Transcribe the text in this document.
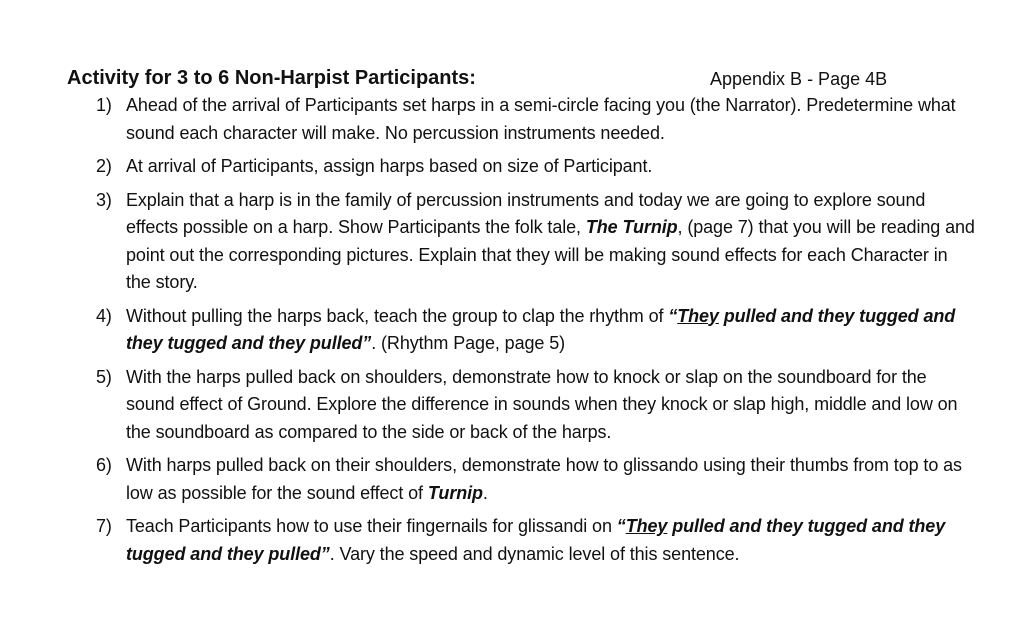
Activity for 3 to 6 Non-Harpist Participants:	Appendix B - Page 4B
1) Ahead of the arrival of Participants set harps in a semi-circle facing you (the Narrator). Predetermine what sound each character will make. No percussion instruments needed.
2) At arrival of Participants, assign harps based on size of Participant.
3) Explain that a harp is in the family of percussion instruments and today we are going to explore sound effects possible on a harp. Show Participants the folk tale, The Turnip, (page 7) that you will be reading and point out the corresponding pictures. Explain that they will be making sound effects for each Character in the story.
4) Without pulling the harps back, teach the group to clap the rhythm of “They pulled and they tugged and they tugged and they pulled”. (Rhythm Page, page 5)
5) With the harps pulled back on shoulders, demonstrate how to knock or slap on the soundboard for the sound effect of Ground. Explore the difference in sounds when they knock or slap high, middle and low on the soundboard as compared to the side or back of the harps.
6) With harps pulled back on their shoulders, demonstrate how to glissando using their thumbs from top to as low as possible for the sound effect of Turnip.
7) Teach Participants how to use their fingernails for glissandi on “They pulled and they tugged and they tugged and they pulled”. Vary the speed and dynamic level of this sentence.
